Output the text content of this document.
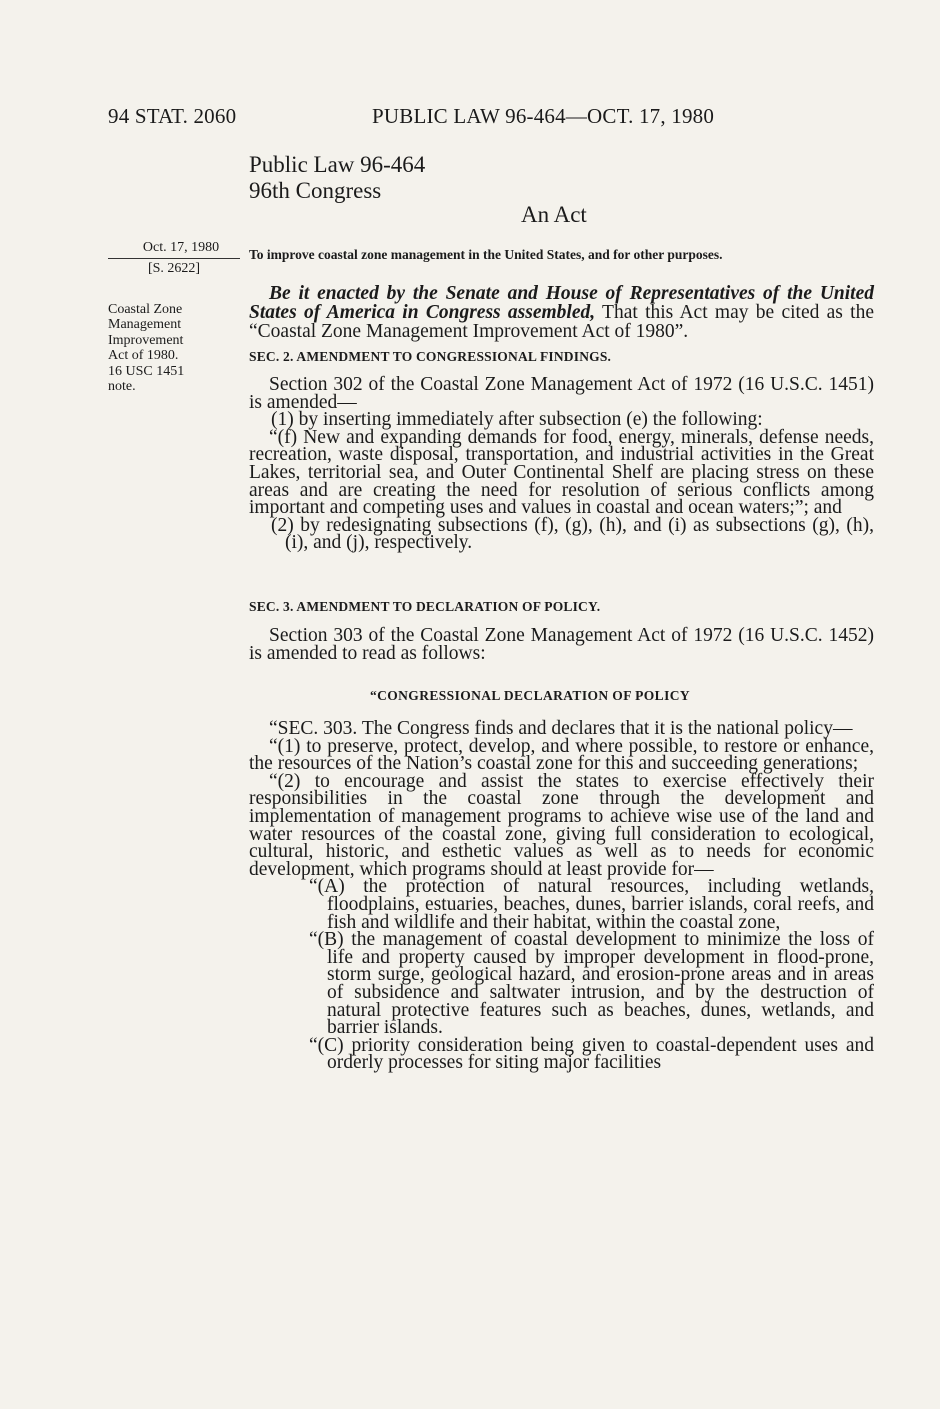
94 STAT. 2060	PUBLIC LAW 96-464—OCT. 17, 1980
Public Law 96-464
96th Congress
An Act
To improve coastal zone management in the United States, and for other purposes.
Oct. 17, 1980
[S. 2622]
Coastal Zone
Management
Improvement
Act of 1980.
16 USC 1451
note.

Be it enacted by the Senate and House of Representatives of the United States of America in Congress assembled, That this Act may be cited as the “Coastal Zone Management Improvement Act of 1980”.

SEC. 2. AMENDMENT TO CONGRESSIONAL FINDINGS.

Section 302 of the Coastal Zone Management Act of 1972 (16 U.S.C. 1451) is amended—

(1) by inserting immediately after subsection (e) the following:

“(f) New and expanding demands for food, energy, minerals, defense needs, recreation, waste disposal, transportation, and industrial activities in the Great Lakes, territorial sea, and Outer Continental Shelf are placing stress on these areas and are creating the need for resolution of serious conflicts among important and competing uses and values in coastal and ocean waters;”; and

(2) by redesignating subsections (f), (g), (h), and (i) as subsections (g), (h), (i), and (j), respectively.

SEC. 3. AMENDMENT TO DECLARATION OF POLICY.

Section 303 of the Coastal Zone Management Act of 1972 (16 U.S.C. 1452) is amended to read as follows:

“CONGRESSIONAL DECLARATION OF POLICY

“SEC. 303. The Congress finds and declares that it is the national policy—

“(1) to preserve, protect, develop, and where possible, to restore or enhance, the resources of the Nation’s coastal zone for this and succeeding generations;

“(2) to encourage and assist the states to exercise effectively their responsibilities in the coastal zone through the development and implementation of management programs to achieve wise use of the land and water resources of the coastal zone, giving full consideration to ecological, cultural, historic, and esthetic values as well as to needs for economic development, which programs should at least provide for—

“(A) the protection of natural resources, including wetlands, floodplains, estuaries, beaches, dunes, barrier islands, coral reefs, and fish and wildlife and their habitat, within the coastal zone,

“(B) the management of coastal development to minimize the loss of life and property caused by improper development in flood-prone, storm surge, geological hazard, and erosion-prone areas and in areas of subsidence and saltwater intrusion, and by the destruction of natural protective features such as beaches, dunes, wetlands, and barrier islands.

“(C) priority consideration being given to coastal-dependent uses and orderly processes for siting major facilities
